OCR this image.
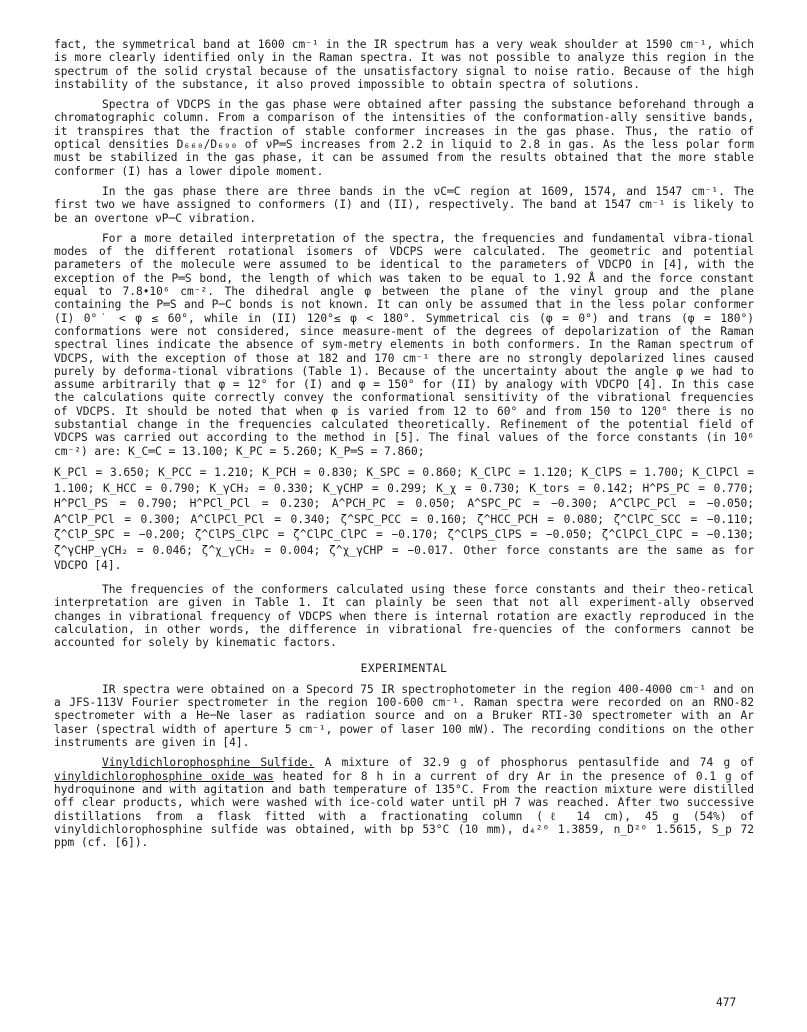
fact, the symmetrical band at 1600 cm⁻¹ in the IR spectrum has a very weak shoulder at 1590 cm⁻¹, which is more clearly identified only in the Raman spectra. It was not possible to analyze this region in the spectrum of the solid crystal because of the unsatisfactory signal to noise ratio. Because of the high instability of the substance, it also proved impossible to obtain spectra of solutions.

Spectra of VDCPS in the gas phase were obtained after passing the substance beforehand through a chromatographic column. From a comparison of the intensities of the conformation-ally sensitive bands, it transpires that the fraction of stable conformer increases in the gas phase. Thus, the ratio of optical densities D₆₆₀/D₆₉₀ of νP═S increases from 2.2 in liquid to 2.8 in gas. As the less polar form must be stabilized in the gas phase, it can be assumed from the results obtained that the more stable conformer (I) has a lower dipole moment.

In the gas phase there are three bands in the νC═C region at 1609, 1574, and 1547 cm⁻¹. The first two we have assigned to conformers (I) and (II), respectively. The band at 1547 cm⁻¹ is likely to be an overtone νP─C vibration.

For a more detailed interpretation of the spectra, the frequencies and fundamental vibra-tional modes of the different rotational isomers of VDCPS were calculated. The geometric and potential parameters of the molecule were assumed to be identical to the parameters of VDCPO in [4], with the exception of the P═S bond, the length of which was taken to be equal to 1.92 Å and the force constant equal to 7.8•10⁶ cm⁻². The dihedral angle φ between the plane of the vinyl group and the plane containing the P═S and P─C bonds is not known. It can only be assumed that in the less polar conformer (I) 0°˙ < φ ≤ 60°, while in (II) 120°≤ φ < 180°. Symmetrical cis (φ = 0°) and trans (φ = 180°) conformations were not considered, since measure-ment of the degrees of depolarization of the Raman spectral lines indicate the absence of sym-metry elements in both conformers. In the Raman spectrum of VDCPS, with the exception of those at 182 and 170 cm⁻¹ there are no strongly depolarized lines caused purely by deforma-tional vibrations (Table 1). Because of the uncertainty about the angle φ we had to assume arbitrarily that φ = 12° for (I) and φ = 150° for (II) by analogy with VDCPO [4]. In this case the calculations quite correctly convey the conformational sensitivity of the vibrational frequencies of VDCPS. It should be noted that when φ is varied from 12 to 60° and from 150 to 120° there is no substantial change in the frequencies calculated theoretically. Refinement of the potential field of VDCPS was carried out according to the method in [5]. The final values of the force constants (in 10⁶ cm⁻²) are: K_C═C = 13.100; K_PC = 5.260; K_P═S = 7.860;

K_PCl = 3.650; K_PCC = 1.210; K_PCH = 0.830; K_SPC = 0.860; K_ClPC = 1.120; K_ClPS = 1.700; K_ClPCl = 1.100; K_HCC = 0.790; K_γCH₂ = 0.330; K_γCHP = 0.299; K_χ = 0.730; K_tors = 0.142; H^PS_PC = 0.770; H^PCl_PS = 0.790; H^PCl_PCl = 0.230; A^PCH_PC = 0.050; A^SPC_PC = −0.300; A^ClPC_PCl = −0.050; A^ClP_PCl = 0.300; A^ClPCl_PCl = 0.340; ζ^SPC_PCC = 0.160; ζ^HCC_PCH = 0.080; ζ^ClPC_SCC = −0.110; ζ^ClP_SPC = −0.200; ζ^ClPS_ClPC = ζ^ClPC_ClPC = −0.170; ζ^ClPS_ClPS = −0.050; ζ^ClPCl_ClPC = −0.130; ζ^γCHP_γCH₂ = 0.046; ζ^χ_γCH₂ = 0.004; ζ^χ_γCHP = −0.017. Other force constants are the same as for VDCPO [4].

The frequencies of the conformers calculated using these force constants and their theo-retical interpretation are given in Table 1. It can plainly be seen that not all experiment-ally observed changes in vibrational frequency of VDCPS when there is internal rotation are exactly reproduced in the calculation, in other words, the difference in vibrational fre-quencies of the conformers cannot be accounted for solely by kinematic factors.

EXPERIMENTAL

IR spectra were obtained on a Specord 75 IR spectrophotometer in the region 400-4000 cm⁻¹ and on a JFS-113V Fourier spectrometer in the region 100-600 cm⁻¹. Raman spectra were recorded on an RNO-82 spectrometer with a He─Ne laser as radiation source and on a Bruker RTI-30 spectrometer with an Ar laser (spectral width of aperture 5 cm⁻¹, power of laser 100 mW). The recording conditions on the other instruments are given in [4].

Vinyldichlorophosphine Sulfide. A mixture of 32.9 g of phosphorus pentasulfide and 74 g of vinyldichlorophosphine oxide was heated for 8 h in a current of dry Ar in the presence of 0.1 g of hydroquinone and with agitation and bath temperature of 135°C. From the reaction mixture were distilled off clear products, which were washed with ice-cold water until pH 7 was reached. After two successive distillations from a flask fitted with a fractionating column (ℓ 14 cm), 45 g (54%) of vinyldichlorophosphine sulfide was obtained, with bp 53°C (10 mm), d₄²⁰ 1.3859, n_D²⁰ 1.5615, S_p 72 ppm (cf. [6]).

477
